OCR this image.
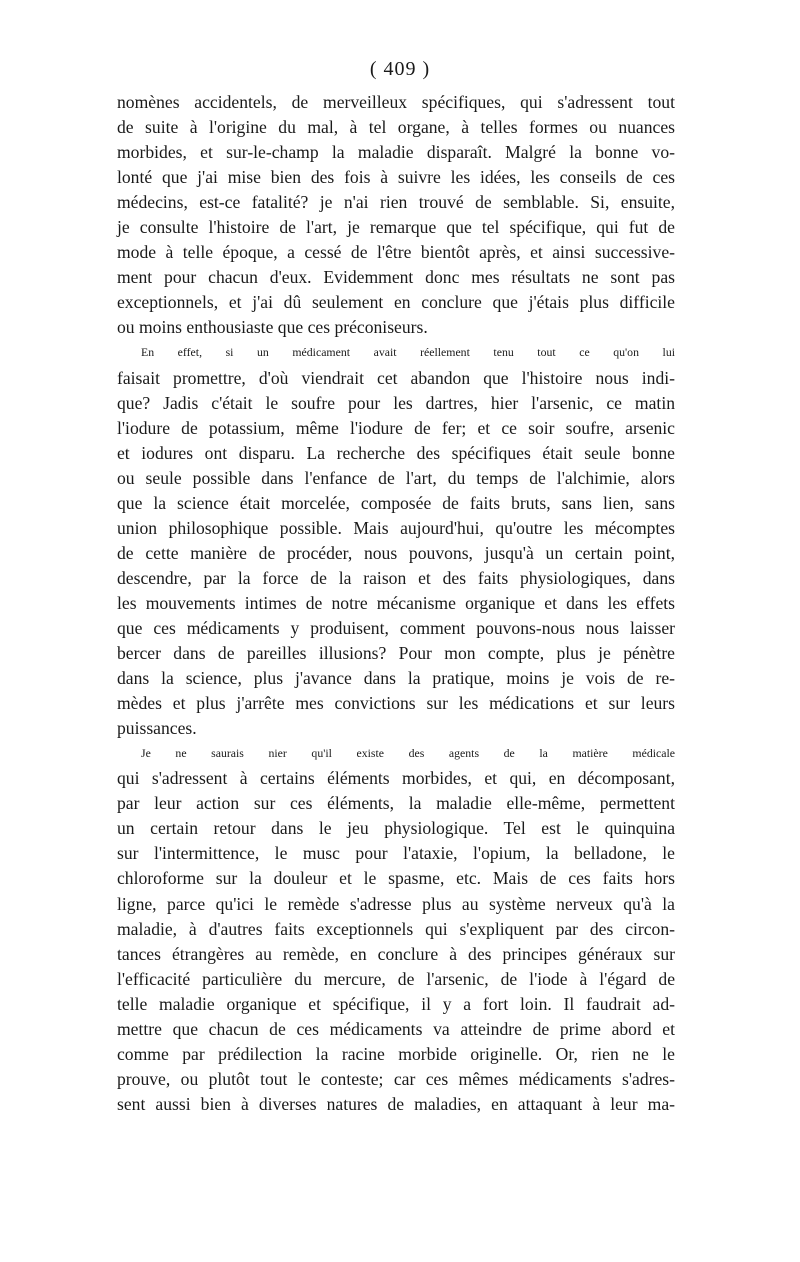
( 409 )
nomènes accidentels, de merveilleux spécifiques, qui s'adressent tout
de suite à l'origine du mal, à tel organe, à telles formes ou nuances
morbides, et sur-le-champ la maladie disparaît. Malgré la bonne vo-
lonté que j'ai mise bien des fois à suivre les idées, les conseils de ces
médecins, est-ce fatalité? je n'ai rien trouvé de semblable. Si, ensuite,
je consulte l'histoire de l'art, je remarque que tel spécifique, qui fut de
mode à telle époque, a cessé de l'être bientôt après, et ainsi successive-
ment pour chacun d'eux. Evidemment donc mes résultats ne sont pas
exceptionnels, et j'ai dû seulement en conclure que j'étais plus difficile
ou moins enthousiaste que ces préconiseurs.
En effet, si un médicament avait réellement tenu tout ce qu'on lui
faisait promettre, d'où viendrait cet abandon que l'histoire nous indi-
que? Jadis c'était le soufre pour les dartres, hier l'arsenic, ce matin
l'iodure de potassium, même l'iodure de fer; et ce soir soufre, arsenic
et iodures ont disparu. La recherche des spécifiques était seule bonne
ou seule possible dans l'enfance de l'art, du temps de l'alchimie, alors
que la science était morcelée, composée de faits bruts, sans lien, sans
union philosophique possible. Mais aujourd'hui, qu'outre les mécomptes
de cette manière de procéder, nous pouvons, jusqu'à un certain point,
descendre, par la force de la raison et des faits physiologiques, dans
les mouvements intimes de notre mécanisme organique et dans les effets
que ces médicaments y produisent, comment pouvons-nous nous laisser
bercer dans de pareilles illusions? Pour mon compte, plus je pénètre
dans la science, plus j'avance dans la pratique, moins je vois de re-
mèdes et plus j'arrête mes convictions sur les médications et sur leurs
puissances.
Je ne saurais nier qu'il existe des agents de la matière médicale
qui s'adressent à certains éléments morbides, et qui, en décomposant,
par leur action sur ces éléments, la maladie elle-même, permettent
un certain retour dans le jeu physiologique. Tel est le quinquina
sur l'intermittence, le musc pour l'ataxie, l'opium, la belladone, le
chloroforme sur la douleur et le spasme, etc. Mais de ces faits hors
ligne, parce qu'ici le remède s'adresse plus au système nerveux qu'à la
maladie, à d'autres faits exceptionnels qui s'expliquent par des circon-
tances étrangères au remède, en conclure à des principes généraux sur
l'efficacité particulière du mercure, de l'arsenic, de l'iode à l'égard de
telle maladie organique et spécifique, il y a fort loin. Il faudrait ad-
mettre que chacun de ces médicaments va atteindre de prime abord et
comme par prédilection la racine morbide originelle. Or, rien ne le
prouve, ou plutôt tout le conteste; car ces mêmes médicaments s'adres-
sent aussi bien à diverses natures de maladies, en attaquant à leur ma-
